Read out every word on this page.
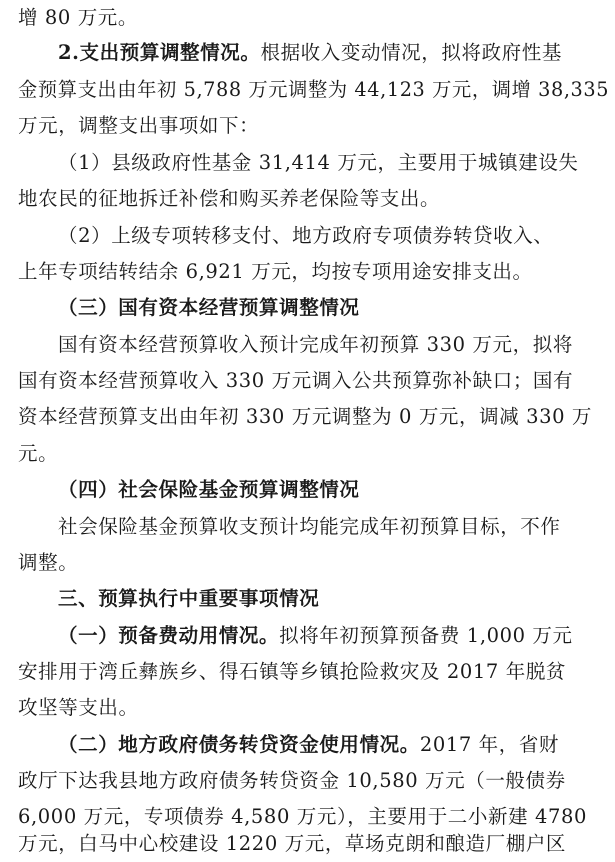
增 80 万元。
2.支出预算调整情况。根据收入变动情况，拟将政府性基
金预算支出由年初 5,788 万元调整为 44,123 万元，调增 38,335
万元，调整支出事项如下：
（1）县级政府性基金 31,414 万元，主要用于城镇建设失
地农民的征地拆迁补偿和购买养老保险等支出。
（2）上级专项转移支付、地方政府专项债券转贷收入、
上年专项结转结余 6,921 万元，均按专项用途安排支出。
（三）国有资本经营预算调整情况
国有资本经营预算收入预计完成年初预算 330 万元，拟将
国有资本经营预算收入 330 万元调入公共预算弥补缺口；国有
资本经营预算支出由年初 330 万元调整为 0 万元，调减 330 万
元。
（四）社会保险基金预算调整情况
社会保险基金预算收支预计均能完成年初预算目标，不作
调整。
三、预算执行中重要事项情况
（一）预备费动用情况。拟将年初预算预备费 1,000 万元
安排用于湾丘彝族乡、得石镇等乡镇抢险救灾及 2017 年脱贫
攻坚等支出。
（二）地方政府债务转贷资金使用情况。2017 年，省财
政厅下达我县地方政府债务转贷资金 10,580 万元（一般债券
6,000 万元，专项债券 4,580 万元），主要用于二小新建 4780
万元，白马中心校建设 1220 万元，草场克朗和酿造厂棚户区
